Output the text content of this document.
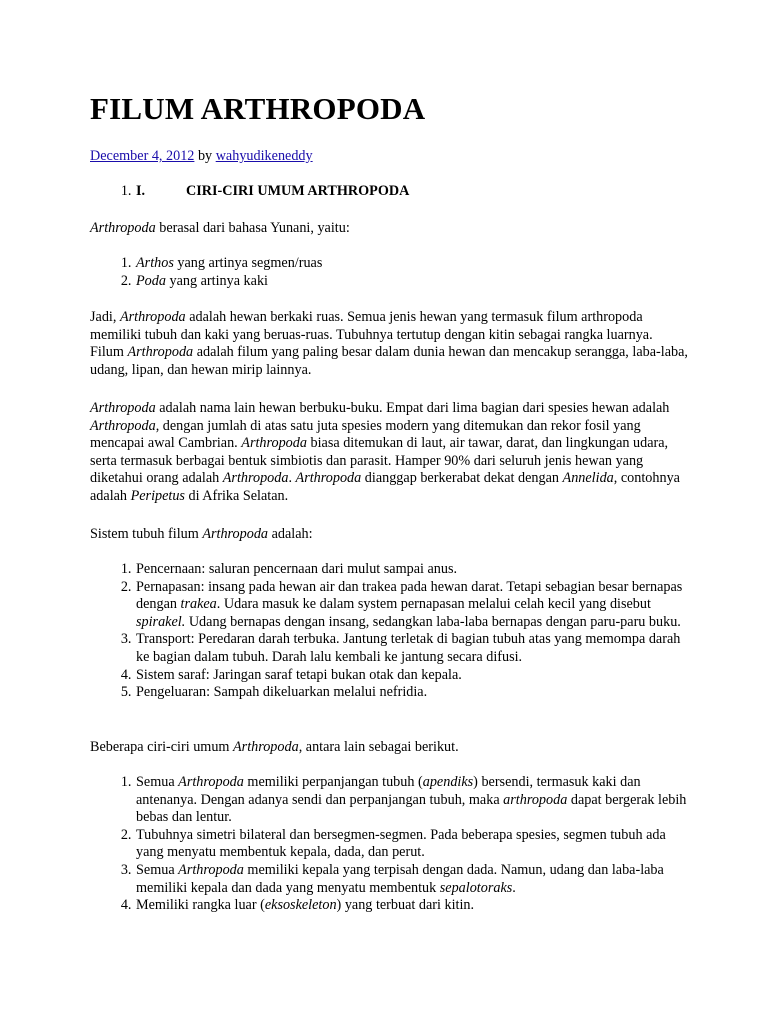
FILUM ARTHROPODA

December 4, 2012 by wahyudikeneddy

1. I.	CIRI-CIRI UMUM ARTHROPODA

Arthropoda berasal dari bahasa Yunani, yaitu:

1. Arthos yang artinya segmen/ruas
2. Poda yang artinya kaki

Jadi, Arthropoda adalah hewan berkaki ruas. Semua jenis hewan yang termasuk filum arthropoda memiliki tubuh dan kaki yang beruas-ruas. Tubuhnya tertutup dengan kitin sebagai rangka luarnya. Filum Arthropoda adalah filum yang paling besar dalam dunia hewan dan mencakup serangga, laba-laba, udang, lipan, dan hewan mirip lainnya.

Arthropoda adalah nama lain hewan berbuku-buku. Empat dari lima bagian dari spesies hewan adalah Arthropoda, dengan jumlah di atas satu juta spesies modern yang ditemukan dan rekor fosil yang mencapai awal Cambrian. Arthropoda biasa ditemukan di laut, air tawar, darat, dan lingkungan udara, serta termasuk berbagai bentuk simbiotis dan parasit. Hamper 90% dari seluruh jenis hewan yang diketahui orang adalah Arthropoda. Arthropoda dianggap berkerabat dekat dengan Annelida, contohnya adalah Peripetus di Afrika Selatan.

Sistem tubuh filum Arthropoda adalah:

1. Pencernaan: saluran pencernaan dari mulut sampai anus.
2. Pernapasan: insang pada hewan air dan trakea pada hewan darat. Tetapi sebagian besar bernapas dengan trakea. Udara masuk ke dalam system pernapasan melalui celah kecil yang disebut spirakel. Udang bernapas dengan insang, sedangkan laba-laba bernapas dengan paru-paru buku.
3. Transport: Peredaran darah terbuka. Jantung terletak di bagian tubuh atas yang memompa darah ke bagian dalam tubuh. Darah lalu kembali ke jantung secara difusi.
4. Sistem saraf: Jaringan saraf tetapi bukan otak dan kepala.
5. Pengeluaran: Sampah dikeluarkan melalui nefridia.

Beberapa ciri-ciri umum Arthropoda, antara lain sebagai berikut.

1. Semua Arthropoda memiliki perpanjangan tubuh (apendiks) bersendi, termasuk kaki dan antenanya. Dengan adanya sendi dan perpanjangan tubuh, maka arthropoda dapat bergerak lebih bebas dan lentur.
2. Tubuhnya simetri bilateral dan bersegmen-segmen. Pada beberapa spesies, segmen tubuh ada yang menyatu membentuk kepala, dada, dan perut.
3. Semua Arthropoda memiliki kepala yang terpisah dengan dada. Namun, udang dan laba-laba memiliki kepala dan dada yang menyatu membentuk sepalotoraks.
4. Memiliki rangka luar (eksoskeleton) yang terbuat dari kitin.
